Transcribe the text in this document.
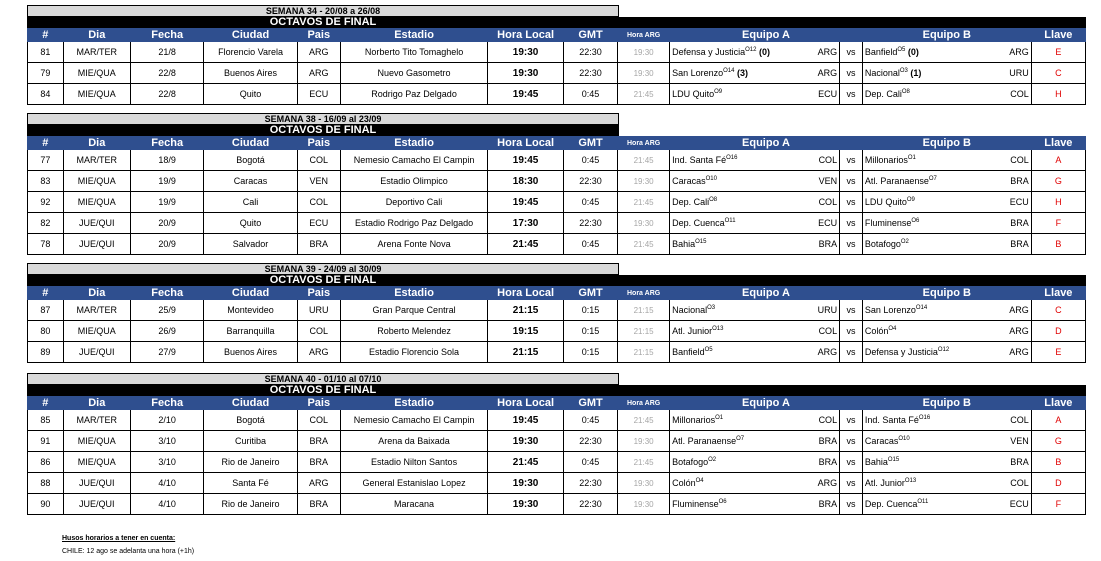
SEMANA 34 - 20/08 a 26/08
OCTAVOS DE FINAL
#	Dia	Fecha	Ciudad	Pais	Estadio	Hora Local	GMT	Hora ARG	Equipo A			Equipo B		Llave
81	MAR/TER	21/8	Florencio Varela	ARG	Norberto Tito Tomaghelo	19:30	22:30	19:30	Defensa y Justicia$^{O12}$ (0)	ARG	vs	Banfield$^{O5}$ (0)	ARG	E
79	MIE/QUA	22/8	Buenos Aires	ARG	Nuevo Gasometro	19:30	22:30	19:30	San Lorenzo$^{O14}$ (3)	ARG	vs	Nacional$^{O3}$ (1)	URU	C
84	MIE/QUA	22/8	Quito	ECU	Rodrigo Paz Delgado	19:45	0:45	21:45	LDU Quito$^{O9}$	ECU	vs	Dep. Cali$^{O8}$	COL	H
SEMANA 38 - 16/09 al 23/09
OCTAVOS DE FINAL
#	Dia	Fecha	Ciudad	Pais	Estadio	Hora Local	GMT	Hora ARG	Equipo A			Equipo B		Llave
77	MAR/TER	18/9	Bogotá	COL	Nemesio Camacho El Campin	19:45	0:45	21:45	Ind. Santa $Fé^{O16}$	COL	vs	Millonarios$^{O1}$	COL	A
83	MIE/QUA	19/9	Caracas	VEN	Estadio Olimpico	18:30	22:30	19:30	Caracas$^{O10}$	VEN	vs	Atl. Paranaense$^{O7}$	BRA	G
92	MIE/QUA	19/9	Cali	COL	Deportivo Cali	19:45	0:45	21:45	Dep. Cali$^{O8}$	COL	vs	LDU Quito$^{O9}$	ECU	H
82	JUE/QUI	20/9	Quito	ECU	Estadio Rodrigo Paz Delgado	17:30	22:30	19:30	Dep. Cuenca$^{O11}$	ECU	vs	Fluminense$^{O6}$	BRA	F
78	JUE/QUI	20/9	Salvador	BRA	Arena Fonte Nova	21:45	0:45	21:45	Bahia$^{O15}$	BRA	vs	Botafogo$^{O2}$	BRA	B
SEMANA 39 - 24/09 al 30/09
OCTAVOS DE FINAL
#	Dia	Fecha	Ciudad	Pais	Estadio	Hora Local	GMT	Hora ARG	Equipo A			Equipo B		Llave
87	MAR/TER	25/9	Montevideo	URU	Gran Parque Central	21:15	0:15	21:15	Nacional$^{O3}$	URU	vs	San Lorenzo$^{O14}$	ARG	C
80	MIE/QUA	26/9	Barranquilla	COL	Roberto Melendez	19:15	0:15	21:15	Atl. Junior$^{O13}$	COL	vs	Colón$^{O4}$	ARG	D
89	JUE/QUI	27/9	Buenos Aires	ARG	Estadio Florencio Sola	21:15	0:15	21:15	Banfield$^{O5}$	ARG	vs	Defensa y Justicia$^{O12}$	ARG	E
SEMANA 40 - 01/10 al 07/10
OCTAVOS DE FINAL
#	Dia	Fecha	Ciudad	Pais	Estadio	Hora Local	GMT	Hora ARG	Equipo A			Equipo B		Llave
85	MAR/TER	2/10	Bogotá	COL	Nemesio Camacho El Campin	19:45	0:45	21:45	Millonarios$^{O1}$	COL	vs	Ind. Santa $Fé^{O16}$	COL	A
91	MIE/QUA	3/10	Curitiba	BRA	Arena da Baixada	19:30	22:30	19:30	Atl. Paranaense$^{O7}$	BRA	vs	Caracas$^{O10}$	VEN	G
86	MIE/QUA	3/10	Rio de Janeiro	BRA	Estadio Nilton Santos	21:45	0:45	21:45	Botafogo$^{O2}$	BRA	vs	Bahia$^{O15}$	BRA	B
88	JUE/QUI	4/10	Santa Fé	ARG	General Estanislao Lopez	19:30	22:30	19:30	Colón$^{O4}$	ARG	vs	Atl. Junior$^{O13}$	COL	D
90	JUE/QUI	4/10	Rio de Janeiro	BRA	Maracana	19:30	22:30	19:30	Fluminense$^{O6}$	BRA	vs	Dep. Cuenca$^{O11}$	ECU	F
Husos horarios a tener en cuenta:
CHILE: 12 ago se adelanta una hora (+1h)
